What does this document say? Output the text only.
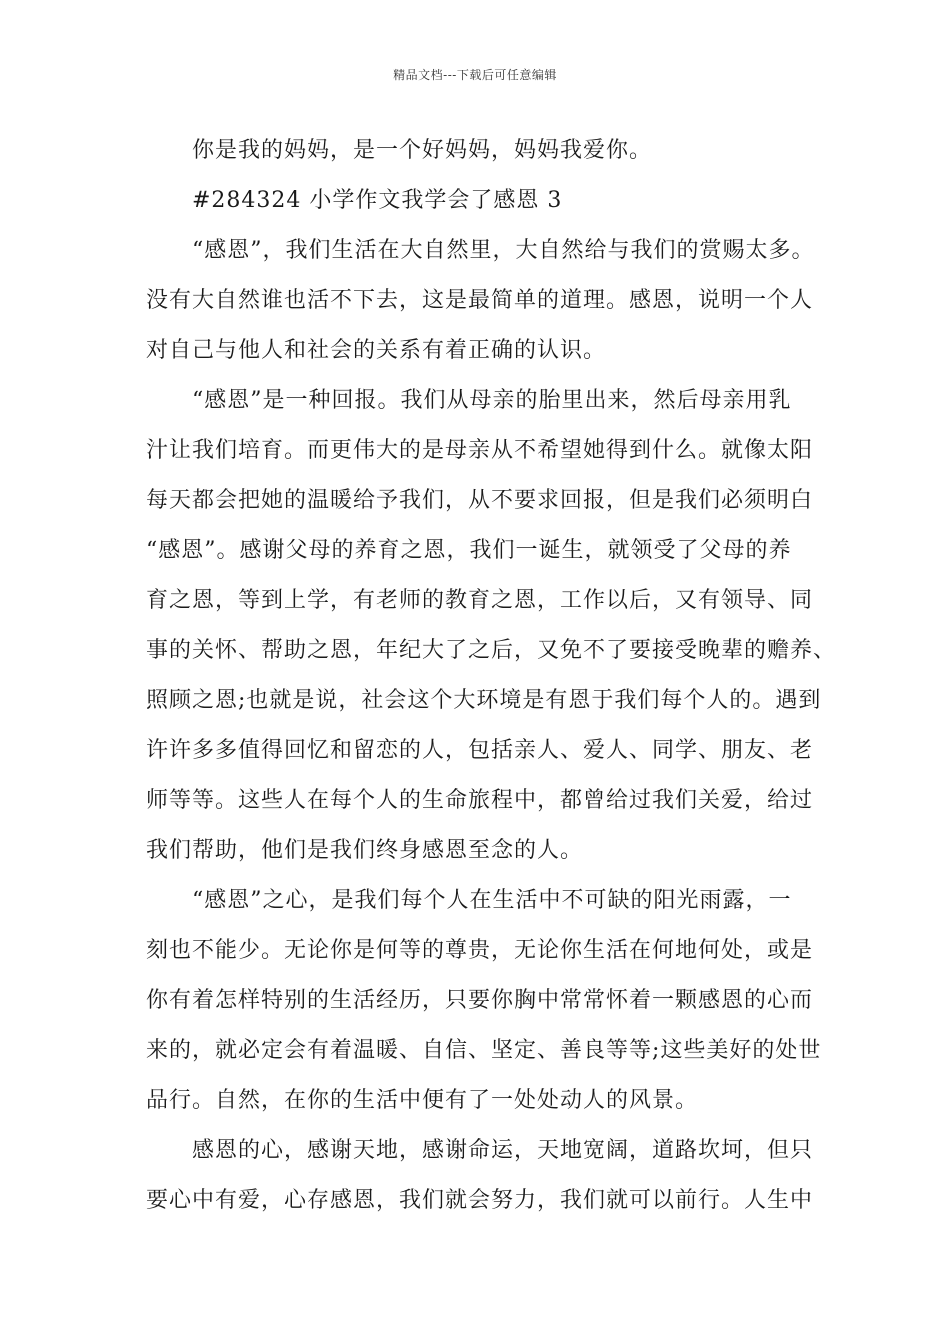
精品文档---下载后可任意编辑
　　你是我的妈妈，是一个好妈妈，妈妈我爱你。
　　#284324 小学作文我学会了感恩 3
　　“感恩”，我们生活在大自然里，大自然给与我们的赏赐太多。
没有大自然谁也活不下去，这是最简单的道理。感恩，说明一个人
对自己与他人和社会的关系有着正确的认识。
　　“感恩”是一种回报。我们从母亲的胎里出来，然后母亲用乳
汁让我们培育。而更伟大的是母亲从不希望她得到什么。就像太阳
每天都会把她的温暖给予我们，从不要求回报，但是我们必须明白
“感恩”。感谢父母的养育之恩，我们一诞生，就领受了父母的养
育之恩，等到上学，有老师的教育之恩，工作以后，又有领导、同
事的关怀、帮助之恩，年纪大了之后，又免不了要接受晚辈的赡养、
照顾之恩;也就是说，社会这个大环境是有恩于我们每个人的。遇到
许许多多值得回忆和留恋的人，包括亲人、爱人、同学、朋友、老
师等等。这些人在每个人的生命旅程中，都曾给过我们关爱，给过
我们帮助，他们是我们终身感恩至念的人。
　　“感恩”之心，是我们每个人在生活中不可缺的阳光雨露，一
刻也不能少。无论你是何等的尊贵，无论你生活在何地何处，或是
你有着怎样特别的生活经历，只要你胸中常常怀着一颗感恩的心而
来的，就必定会有着温暖、自信、坚定、善良等等;这些美好的处世
品行。自然，在你的生活中便有了一处处动人的风景。
　　感恩的心，感谢天地，感谢命运，天地宽阔，道路坎坷，但只
要心中有爱，心存感恩，我们就会努力，我们就可以前行。人生中
